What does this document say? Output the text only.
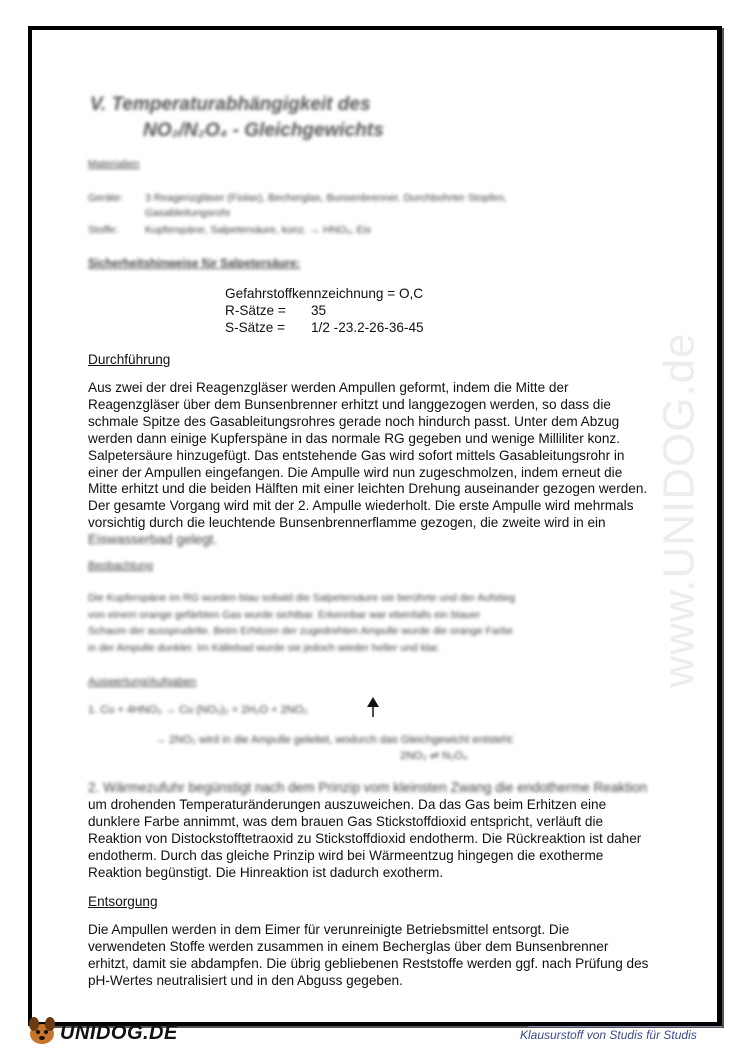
www.UNIDOG.de
V. Temperaturabhängigkeit des
NO₂/N₂O₄ - Gleichgewichts
Materialien
Geräte: 3 Reagenzgläser (Fiolax), Becherglas, Bunsenbrenner, Durchbohrter Stopfen,
Gasableitungsrohr
Stoffe:	Kupferspäne, Salpetersäure, konz. → HNO₃, Eis
Sicherheitshinweise für Salpetersäure:
Gefahrstoffkennzeichnung = O,C
R-Sätze = 35
S-Sätze = 1/2 -23.2-26-36-45
Durchführung
Aus zwei der drei Reagenzgläser werden Ampullen geformt, indem die Mitte der
Reagenzgläser über dem Bunsenbrenner erhitzt und langgezogen werden, so dass die
schmale Spitze des Gasableitungsrohres gerade noch hindurch passt. Unter dem Abzug
werden dann einige Kupferspäne in das normale RG gegeben und wenige Milliliter konz.
Salpetersäure hinzugefügt. Das entstehende Gas wird sofort mittels Gasableitungsrohr in
einer der Ampullen eingefangen. Die Ampulle wird nun zugeschmolzen, indem erneut die
Mitte erhitzt und die beiden Hälften mit einer leichten Drehung auseinander gezogen werden.
Der gesamte Vorgang wird mit der 2. Ampulle wiederholt. Die erste Ampulle wird mehrmals
vorsichtig durch die leuchtende Bunsenbrennerflamme gezogen, die zweite wird in ein
Eiswasserbad gelegt.
Beobachtung
Die Kupferspäne im RG wurden blau sobald die Salpetersäure sie berührte und der Aufstieg
von einem orange gefärbten Gas wurde sichtbar. Erkennbar war ebenfalls ein blauer
Schaum der aussprudelte. Beim Erhitzen der zugedrehten Ampulle wurde die orange Farbe
in der Ampulle dunkler. Im Kältebad wurde sie jedoch wieder heller und klar.
Auswertung/Aufgaben
1. Cu + 4HNO₃ → Cu (NO₃)₂ + 2H₂O + 2NO₂
→ 2NO₂ wird in die Ampulle geleitet, wodurch das Gleichgewicht entsteht:
2NO₂ ⇌ N₂O₄
2. Wärmezufuhr begünstigt nach dem Prinzip vom kleinsten Zwang die endotherme Reaktion
um drohenden Temperaturänderungen auszuweichen. Da das Gas beim Erhitzen eine
dunklere Farbe annimmt, was dem brauen Gas Stickstoffdioxid entspricht, verläuft die
Reaktion von Distockstofftetraoxid zu Stickstoffdioxid endotherm. Die Rückreaktion ist daher
endotherm. Durch das gleiche Prinzip wird bei Wärmeentzug hingegen die exotherme
Reaktion begünstigt. Die Hinreaktion ist dadurch exotherm.
Entsorgung
Die Ampullen werden in dem Eimer für verunreinigte Betriebsmittel entsorgt. Die
verwendeten Stoffe werden zusammen in einem Becherglas über dem Bunsenbrenner
erhitzt, damit sie abdampfen. Die übrig gebliebenen Reststoffe werden ggf. nach Prüfung des
pH-Wertes neutralisiert und in den Abguss gegeben.
UNIDOG.DE	Klausurstoff von Studis für Studis
